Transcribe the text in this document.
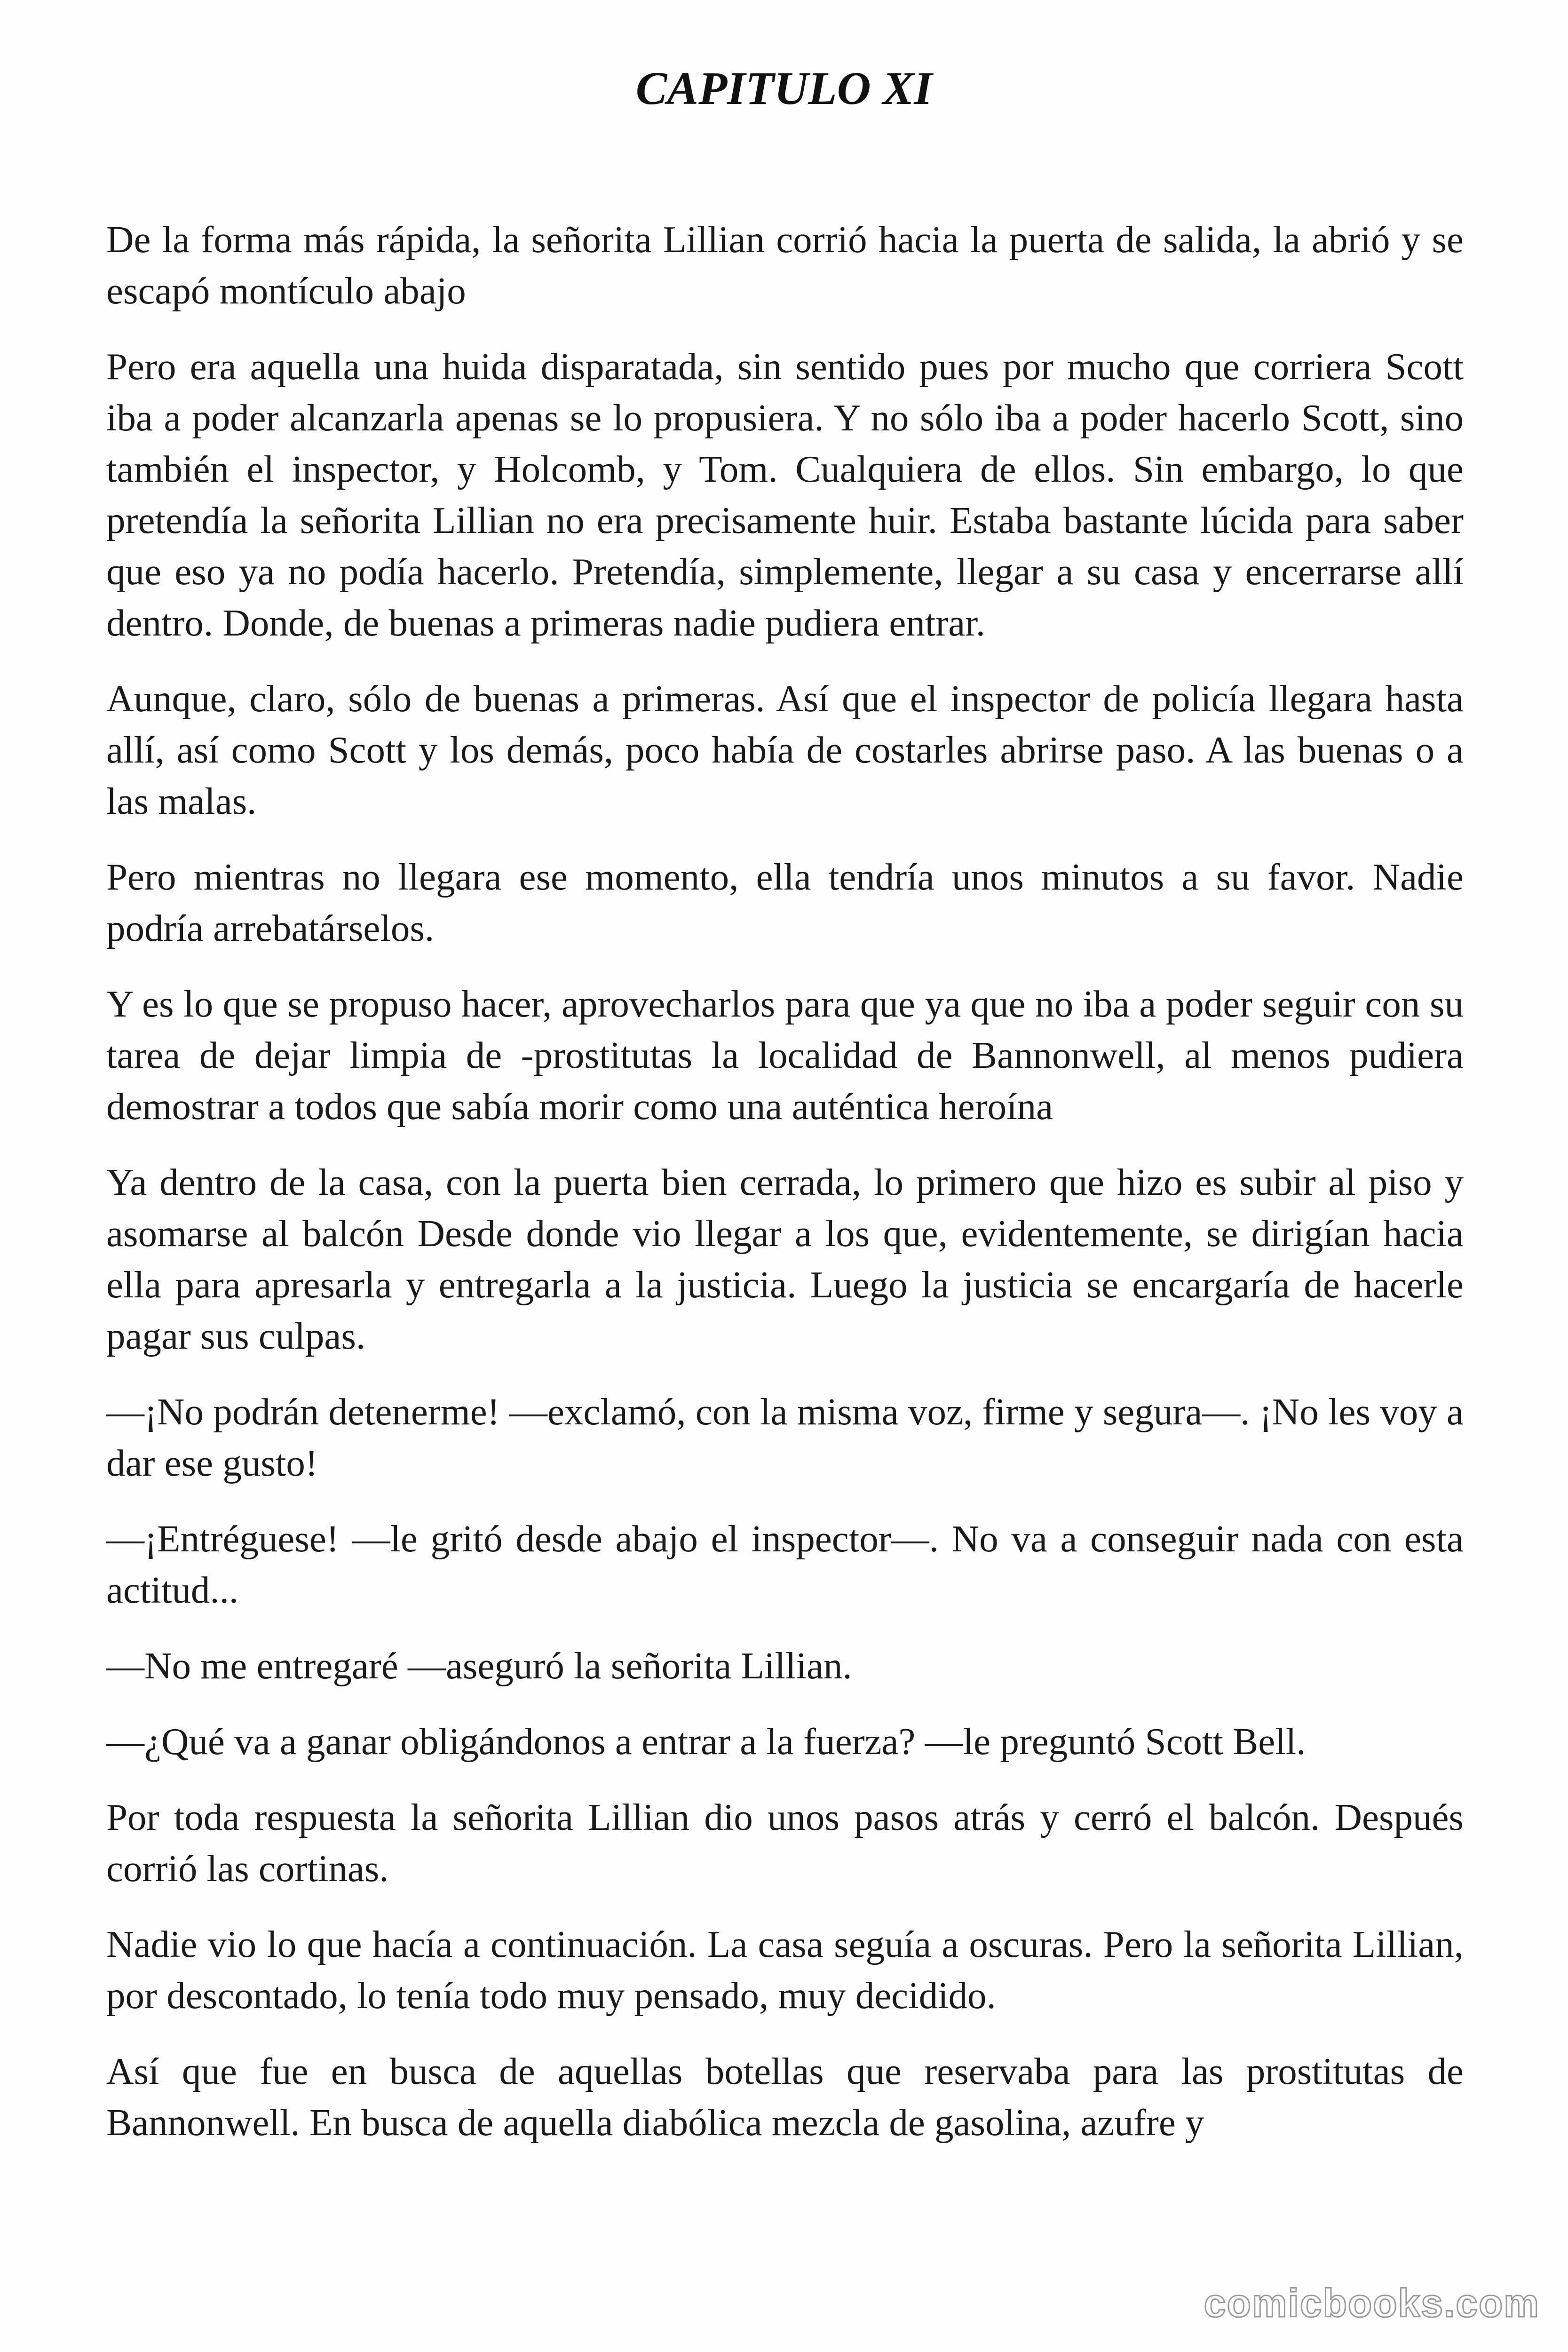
CAPITULO XI

De la forma más rápida, la señorita Lillian corrió hacia la puerta de salida, la abrió y se escapó montículo abajo

Pero era aquella una huida disparatada, sin sentido pues por mucho que corriera Scott iba a poder alcanzarla apenas se lo propusiera. Y no sólo iba a poder hacerlo Scott, sino también el inspector, y Holcomb, y Tom. Cualquiera de ellos. Sin embargo, lo que pretendía la señorita Lillian no era precisamente huir. Estaba bastante lúcida para saber que eso ya no podía hacerlo. Pretendía, simplemente, llegar a su casa y encerrarse allí dentro. Donde, de buenas a primeras nadie pudiera entrar.

Aunque, claro, sólo de buenas a primeras. Así que el inspector de policía llegara hasta allí, así como Scott y los demás, poco había de costarles abrirse paso. A las buenas o a las malas.

Pero mientras no llegara ese momento, ella tendría unos minutos a su favor. Nadie podría arrebatárselos.

Y es lo que se propuso hacer, aprovecharlos para que ya que no iba a poder seguir con su tarea de dejar limpia de -prostitutas la localidad de Bannonwell, al menos pudiera demostrar a todos que sabía morir como una auténtica heroína

Ya dentro de la casa, con la puerta bien cerrada, lo primero que hizo es subir al piso y asomarse al balcón Desde donde vio llegar a los que, evidentemente, se dirigían hacia ella para apresarla y entregarla a la justicia. Luego la justicia se encargaría de hacerle pagar sus culpas.

—¡No podrán detenerme! —exclamó, con la misma voz, firme y segura—. ¡No les voy a dar ese gusto!

—¡Entréguese! —le gritó desde abajo el inspector—. No va a conseguir nada con esta actitud...

—No me entregaré —aseguró la señorita Lillian.

—¿Qué va a ganar obligándonos a entrar a la fuerza? —le preguntó Scott Bell.

Por toda respuesta la señorita Lillian dio unos pasos atrás y cerró el balcón. Después corrió las cortinas.

Nadie vio lo que hacía a continuación. La casa seguía a oscuras. Pero la señorita Lillian, por descontado, lo tenía todo muy pensado, muy decidido.

Así que fue en busca de aquellas botellas que reservaba para las prostitutas de Bannonwell. En busca de aquella diabólica mezcla de gasolina, azufre y

comicbooks.com
